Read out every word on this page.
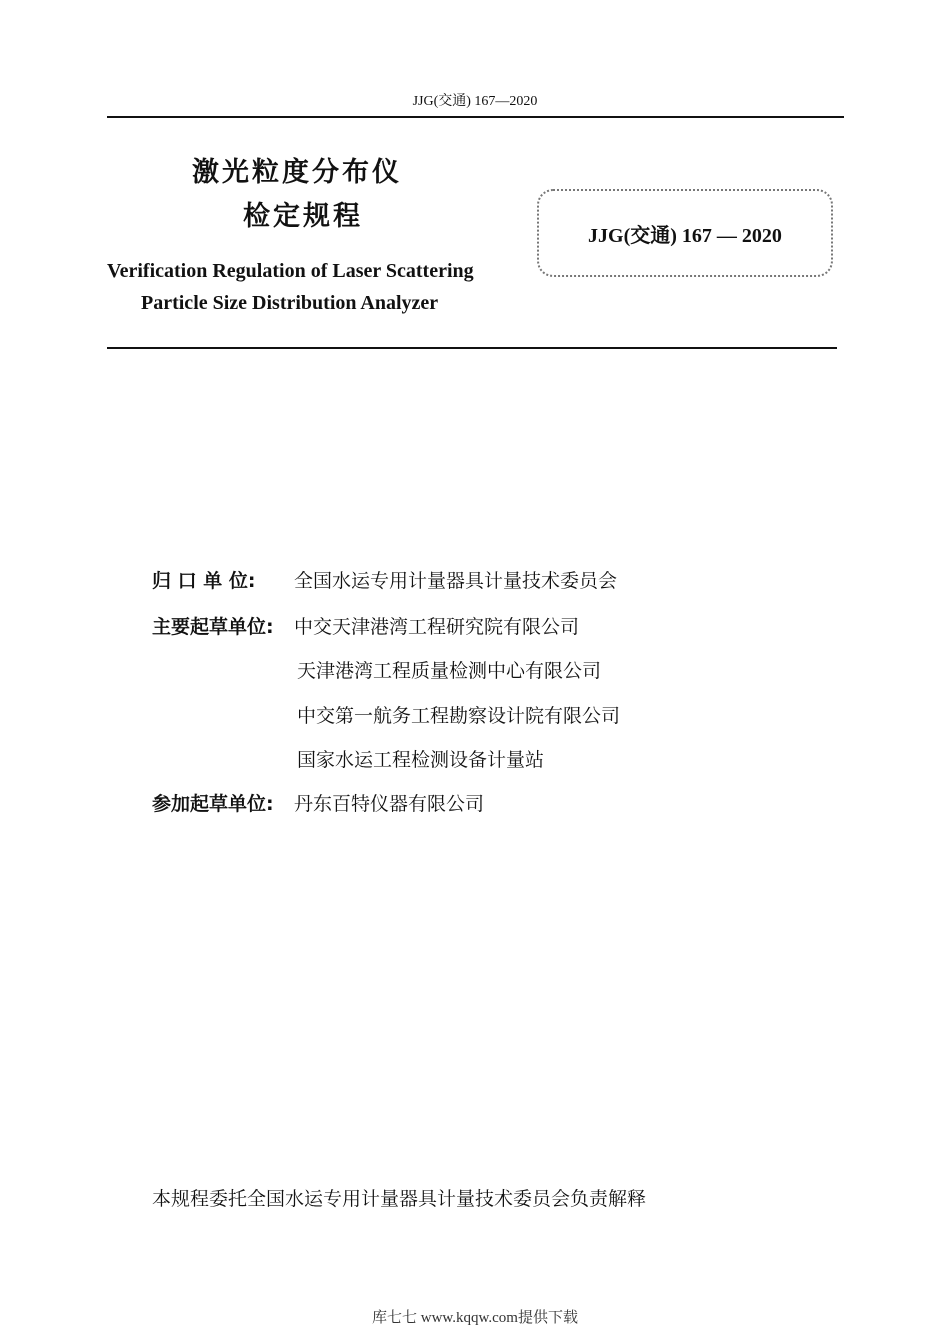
JJG(交通) 167—2020
激光粒度分布仪
检定规程
Verification Regulation of Laser Scattering
Particle Size Distribution Analyzer
JJG(交通) 167 — 2020
归 口 单 位: 全国水运专用计量器具计量技术委员会
主要起草单位: 中交天津港湾工程研究院有限公司
天津港湾工程质量检测中心有限公司
中交第一航务工程勘察设计院有限公司
国家水运工程检测设备计量站
参加起草单位: 丹东百特仪器有限公司
本规程委托全国水运专用计量器具计量技术委员会负责解释
库七七 www.kqqw.com提供下载
